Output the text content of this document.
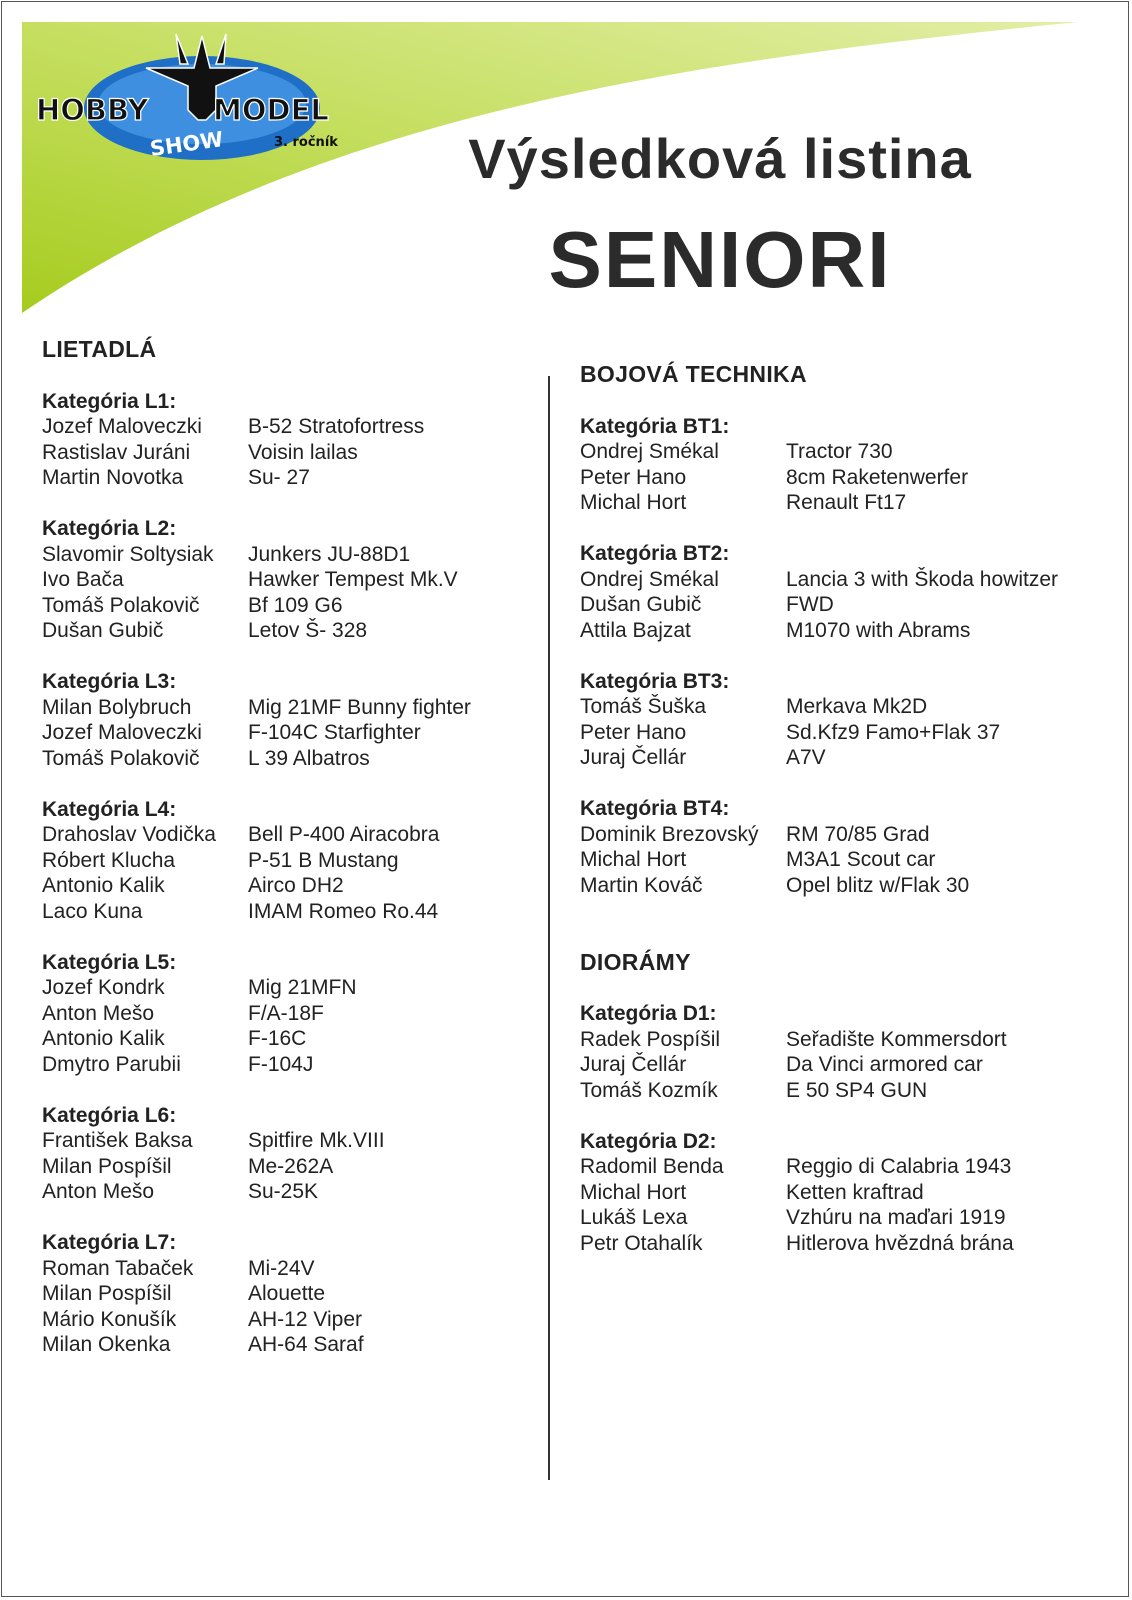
HOBBY MODEL
SHOW	3. ročník	Výsledková listina
SENIORI
LIETADLÁ
Kategória L1:
Jozef Maloveczki	B-52 Stratofortress
Rastislav Juráni	Voisin lailas
Martin Novotka	Su- 27
Kategória L2:
Slavomir Soltysiak	Junkers JU-88D1
Ivo Bača	Hawker Tempest Mk.V
Tomáš Polakovič	Bf 109 G6
Dušan Gubič	Letov Š- 328
Kategória L3:
Milan Bolybruch	Mig 21MF Bunny fighter
Jozef Maloveczki	F-104C Starfighter
Tomáš Polakovič	L 39 Albatros
Kategória L4:
Drahoslav Vodička	Bell P-400 Airacobra
Róbert Klucha	P-51 B Mustang
Antonio Kalik	Airco DH2
Laco Kuna	IMAM Romeo Ro.44
Kategória L5:
Jozef Kondrk	Mig 21MFN
Anton Mešo	F/A-18F
Antonio Kalik	F-16C
Dmytro Parubii	F-104J
Kategória L6:
František Baksa	Spitfire Mk.VIII
Milan Pospíšil	Me-262A
Anton Mešo	Su-25K
Kategória L7:
Roman Tabaček	Mi-24V
Milan Pospíšil	Alouette
Mário Konušík	AH-12 Viper
Milan Okenka	AH-64 Saraf
BOJOVÁ TECHNIKA
Kategória BT1:
Ondrej Smékal	Tractor 730
Peter Hano	8cm Raketenwerfer
Michal Hort	Renault Ft17
Kategória BT2:
Ondrej Smékal	Lancia 3 with Škoda howitzer
Dušan Gubič	FWD
Attila Bajzat	M1070 with Abrams
Kategória BT3:
Tomáš Šuška	Merkava Mk2D
Peter Hano	Sd.Kfz9 Famo+Flak 37
Juraj Čellár	A7V
Kategória BT4:
Dominik Brezovský	RM 70/85 Grad
Michal Hort	M3A1 Scout car
Martin Kováč	Opel blitz w/Flak 30
DIORÁMY
Kategória D1:
Radek Pospíšil	Seřadište Kommersdort
Juraj Čellár	Da Vinci armored car
Tomáš Kozmík	E 50 SP4 GUN
Kategória D2:
Radomil Benda	Reggio di Calabria 1943
Michal Hort	Ketten kraftrad
Lukáš Lexa	Vzhúru na maďari 1919
Petr Otahalík	Hitlerova hvězdná brána
